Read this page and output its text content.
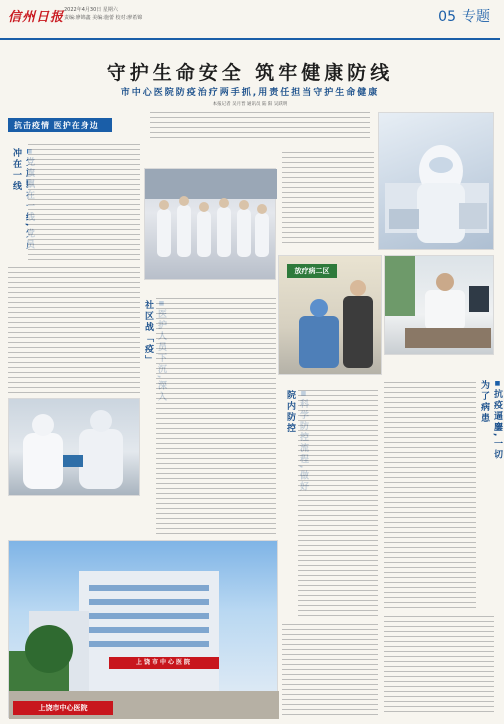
信州日报 2022年4月30日 星期六
责编:廖锦鑫 美编:施蕾 校对:廖希锦	05 专题
守护生命安全 筑牢健康防线
市中心医院防疫治疗两手抓,用责任担当守护生命健康
本报记者 吴月晋 通讯员 陆 阳 吴跃明
抗击疫情 医护在身边
■ 冲在一线
放疗病二区
■ 抗疫逼鏖,一切为了病患
■ 社区战「疫」
■ 院内防控
上饶市中心医院
上饶市中心医院
